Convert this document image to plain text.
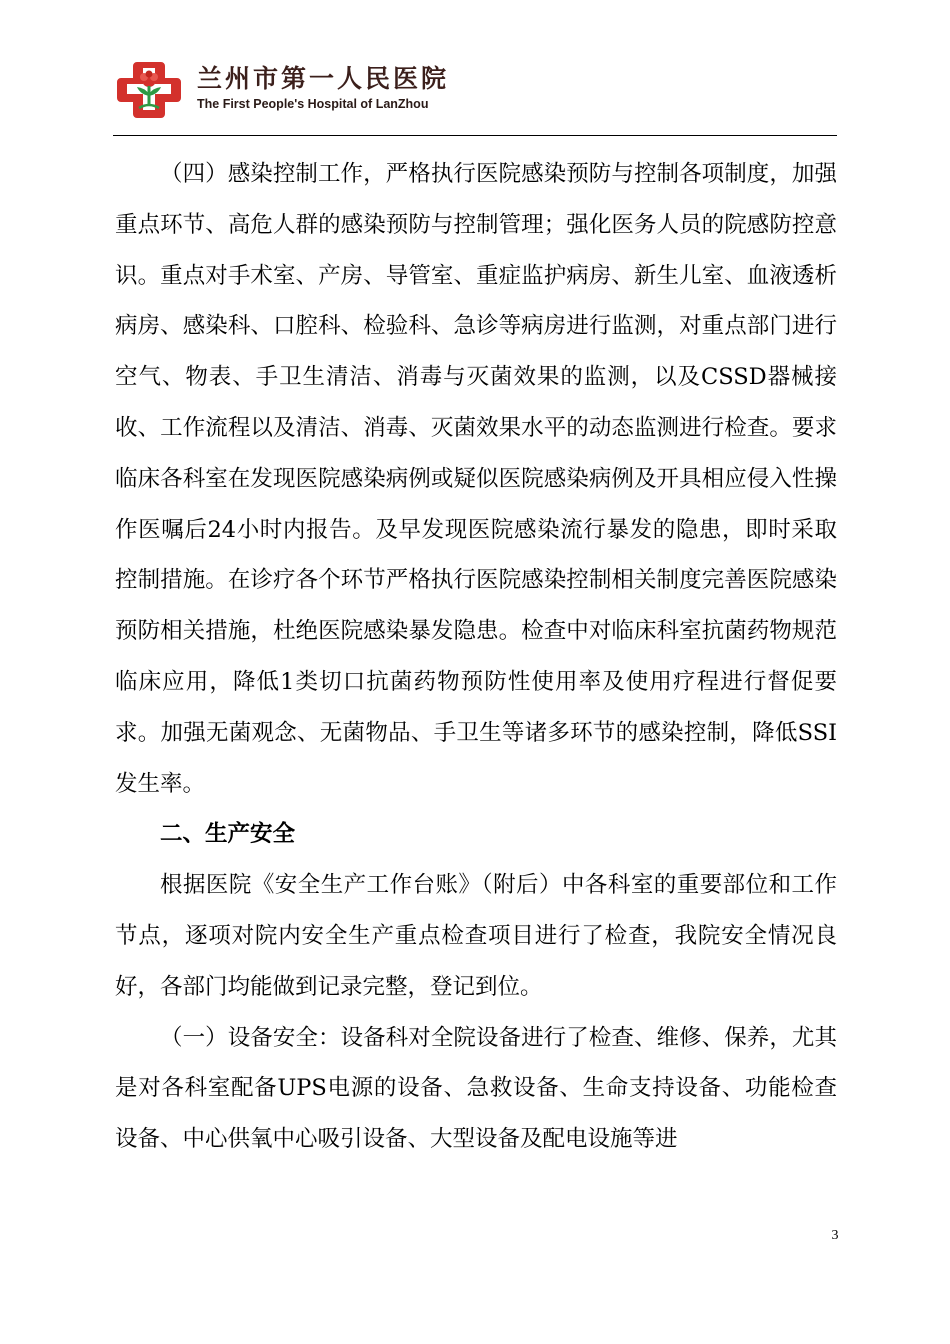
兰州市第一人民医院
The First People's Hospital of LanZhou

（四）感染控制工作，严格执行医院感染预防与控制各项制度，加强重点环节、高危人群的感染预防与控制管理；强化医务人员的院感防控意识。重点对手术室、产房、导管室、重症监护病房、新生儿室、血液透析病房、感染科、口腔科、检验科、急诊等病房进行监测，对重点部门进行空气、物表、手卫生清洁、消毒与灭菌效果的监测，以及CSSD器械接收、工作流程以及清洁、消毒、灭菌效果水平的动态监测进行检查。要求临床各科室在发现医院感染病例或疑似医院感染病例及开具相应侵入性操作医嘱后24小时内报告。及早发现医院感染流行暴发的隐患，即时采取控制措施。在诊疗各个环节严格执行医院感染控制相关制度完善医院感染预防相关措施，杜绝医院感染暴发隐患。检查中对临床科室抗菌药物规范临床应用，降低1类切口抗菌药物预防性使用率及使用疗程进行督促要求。加强无菌观念、无菌物品、手卫生等诸多环节的感染控制，降低SSI发生率。

二、生产安全

根据医院《安全生产工作台账》（附后）中各科室的重要部位和工作节点，逐项对院内安全生产重点检查项目进行了检查，我院安全情况良好，各部门均能做到记录完整，登记到位。

（一）设备安全：设备科对全院设备进行了检查、维修、保养，尤其是对各科室配备UPS电源的设备、急救设备、生命支持设备、功能检查设备、中心供氧中心吸引设备、大型设备及配电设施等进

3
